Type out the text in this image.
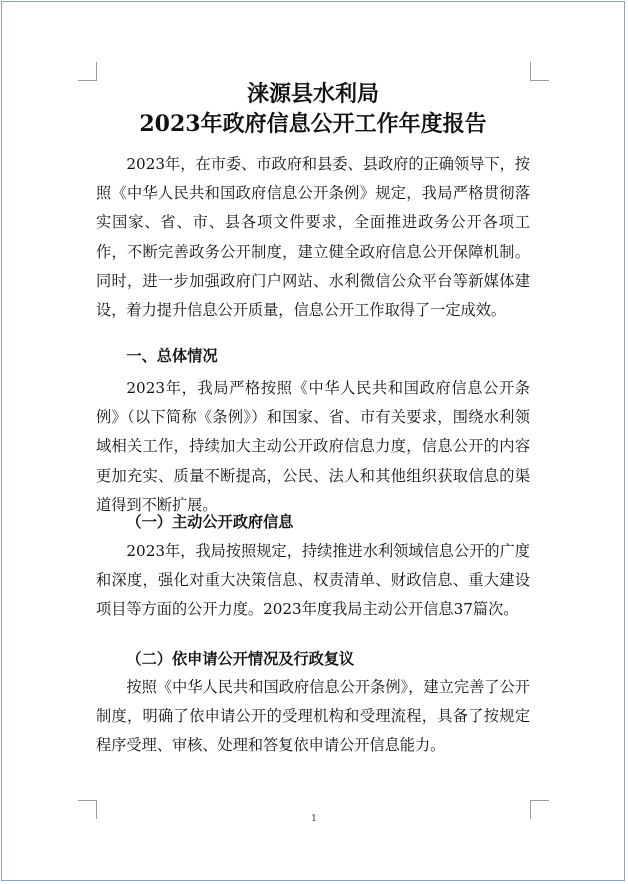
涞源县水利局
2023年政府信息公开工作年度报告

2023年，在市委、市政府和县委、县政府的正确领导下，按照《中华人民共和国政府信息公开条例》规定，我局严格贯彻落实国家、省、市、县各项文件要求，全面推进政务公开各项工作，不断完善政务公开制度，建立健全政府信息公开保障机制。同时，进一步加强政府门户网站、水利微信公众平台等新媒体建设，着力提升信息公开质量，信息公开工作取得了一定成效。

一、总体情况

2023年，我局严格按照《中华人民共和国政府信息公开条例》（以下简称《条例》）和国家、省、市有关要求，围绕水利领域相关工作，持续加大主动公开政府信息力度，信息公开的内容更加充实、质量不断提高，公民、法人和其他组织获取信息的渠道得到不断扩展。

（一）主动公开政府信息

2023年，我局按照规定，持续推进水利领域信息公开的广度和深度，强化对重大决策信息、权责清单、财政信息、重大建设项目等方面的公开力度。2023年度我局主动公开信息37篇次。

（二）依申请公开情况及行政复议

按照《中华人民共和国政府信息公开条例》，建立完善了公开制度，明确了依申请公开的受理机构和受理流程，具备了按规定程序受理、审核、处理和答复依申请公开信息能力。

1
